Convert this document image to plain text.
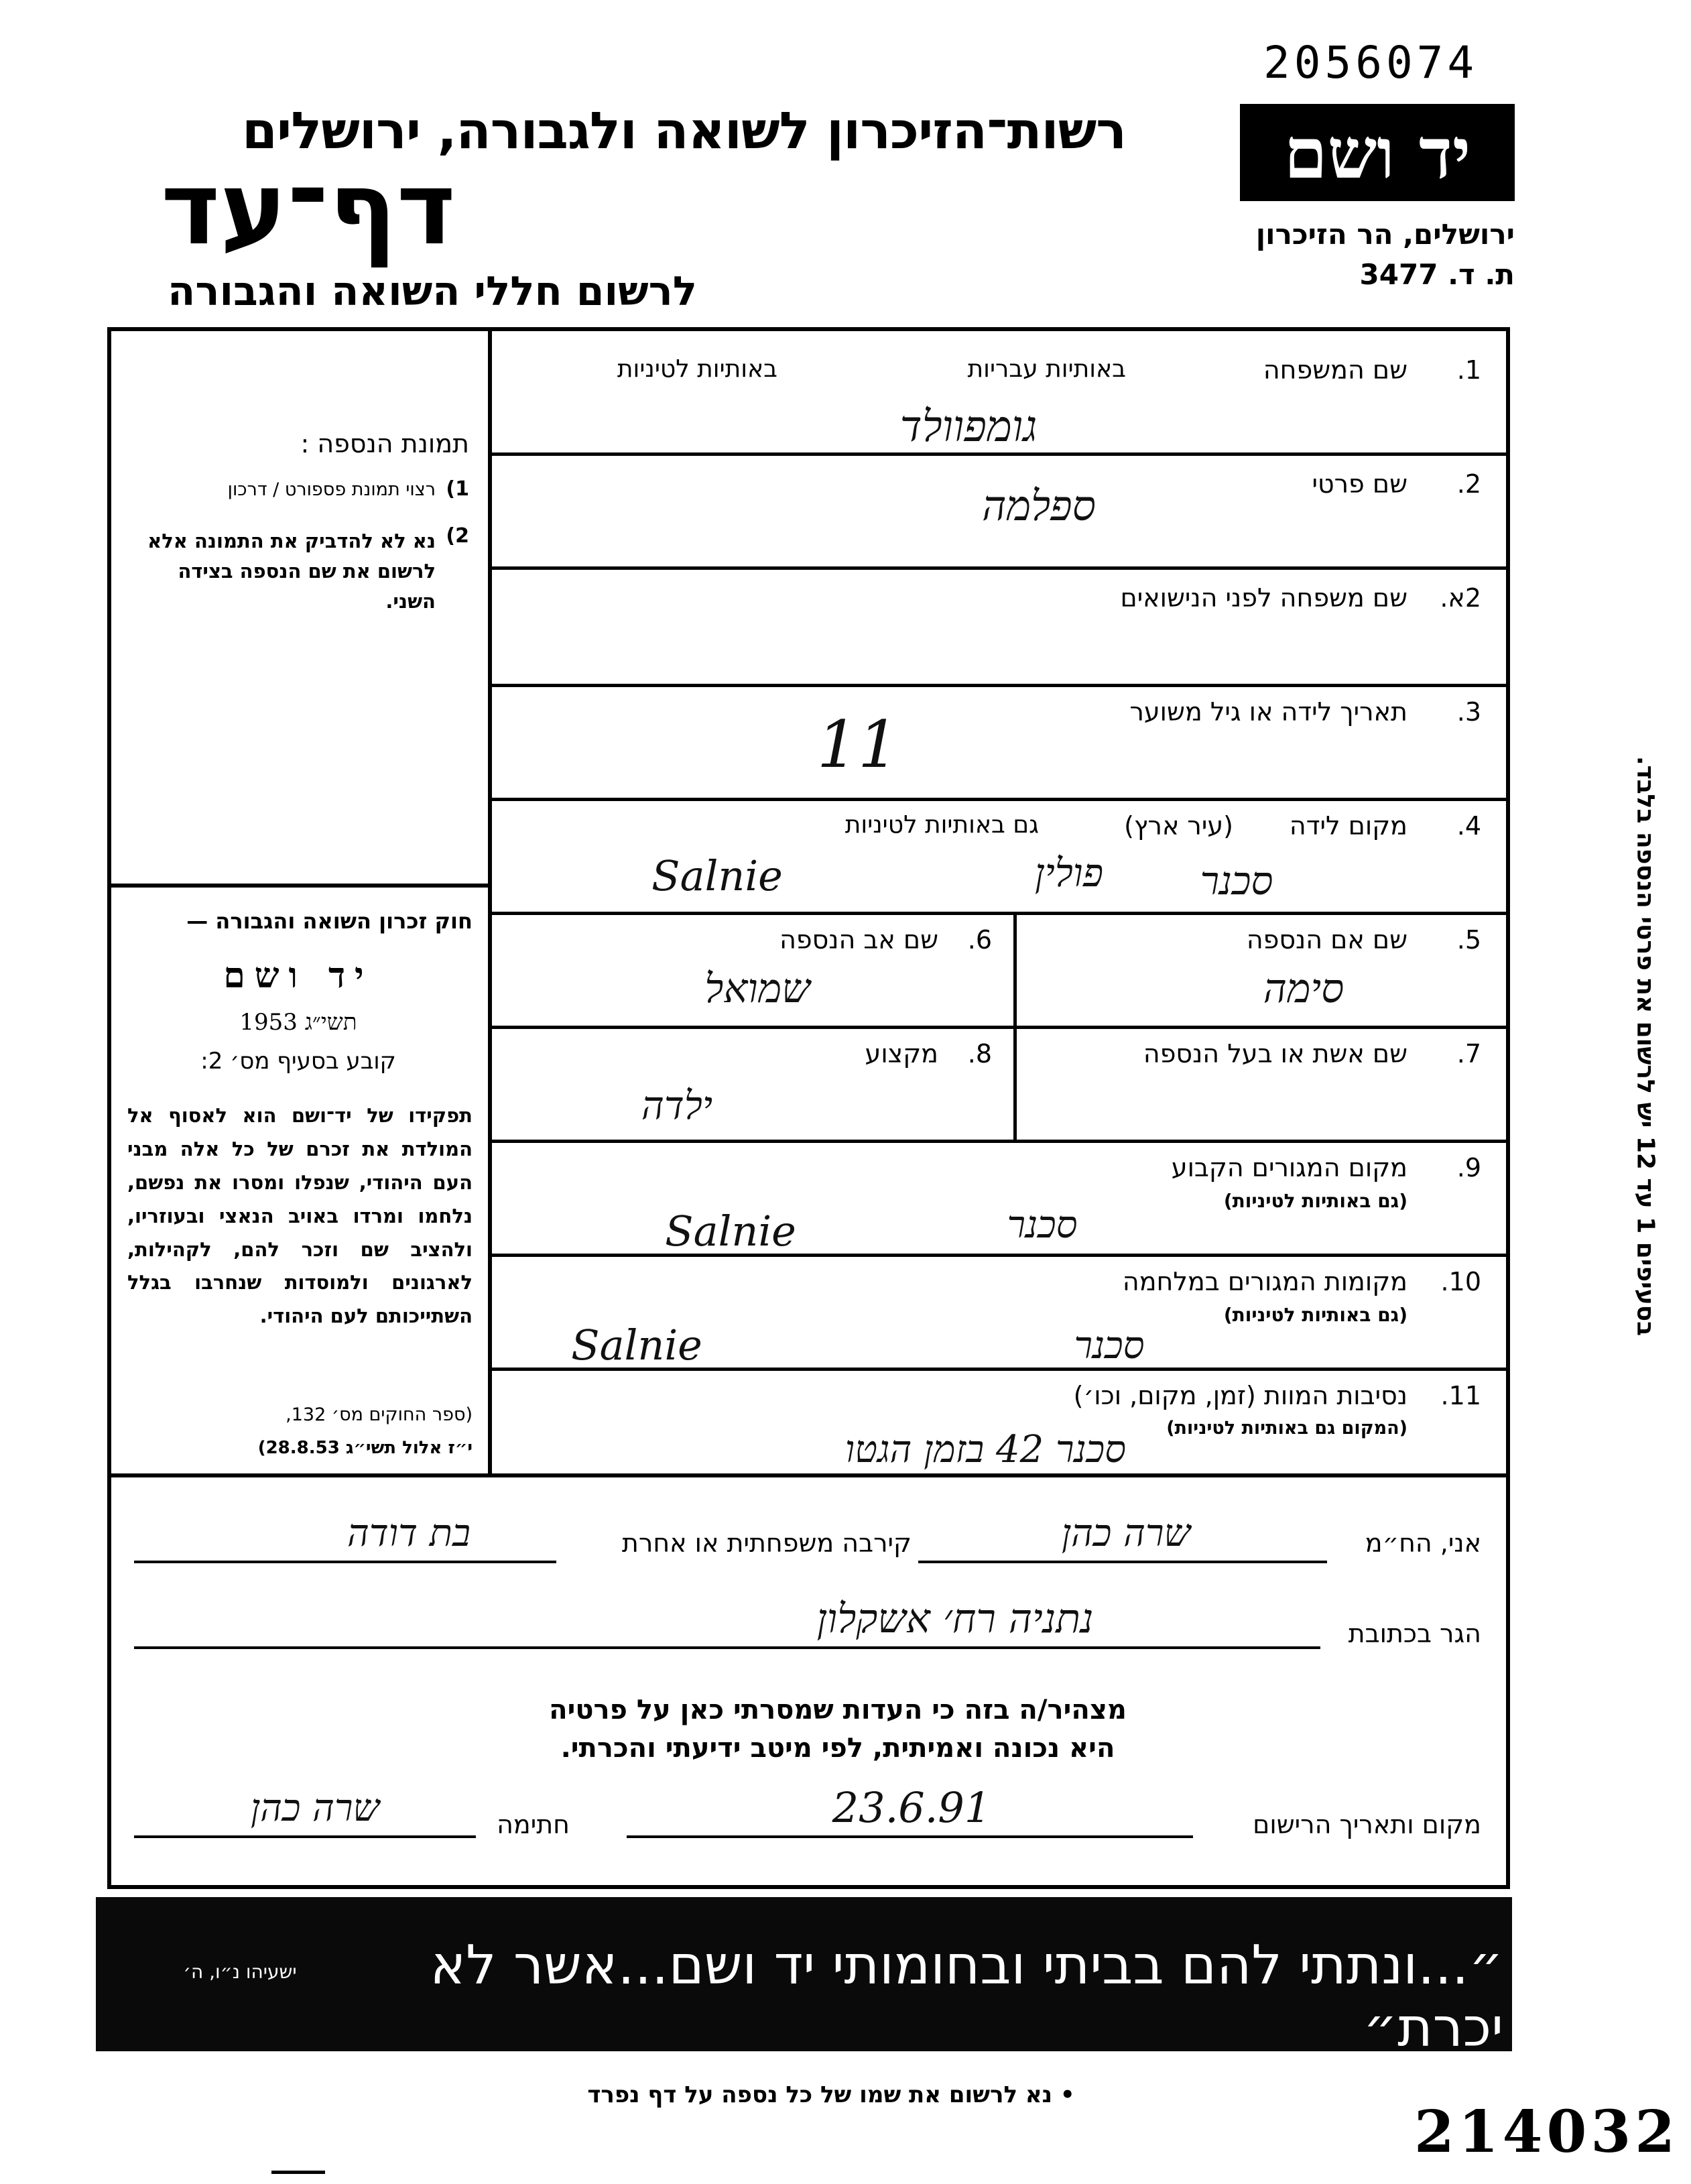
2056074
רשות־הזיכרון לשואה ולגבורה, ירושלים
דף־עד
לרשום חללי השואה והגבורה
יד ושם
ירושלים, הר הזיכרון
ת. ד. 3477
תמונת הנספה :
1)
רצוי תמונת פספורט / דרכון
2)
נא לא להדביק את התמונה אלא לרשום את שם הנספה בצידה השני.
חוק זכרון השואה והגבורה —
יד ושם
תשי״ג 1953
קובע בסעיף מס׳ 2:
תפקידו של יד־ושם הוא לאסוף אל המולדת את זכרם של כל אלה מבני העם היהודי, שנפלו ומסרו את נפשם, נלחמו ומרדו באויב הנאצי ובעוזריו, ולהציב שם וזכר להם, לקהילות, לארגונים ולמוסדות שנחרבו בגלל השתייכותם לעם היהודי.
(ספר החוקים מס׳ 132,
י״ז אלול תשי״ג 28.8.53)
1.
שם המשפחה
באותיות עבריות
באותיות לטיניות
גומפוולד
2.
שם פרטי
ספלמה
2א.
שם משפחה לפני הנישואים
3.
תאריך לידה או גיל משוער
11
4.
מקום לידה
(עיר ארץ)
גם באותיות לטיניות
סכנר
פולין
Salnie
5.
שם אם הנספה
סימה
6.
שם אב הנספה
שמואל
7.
שם אשת או בעל הנספה
8.
מקצוע
ילדה
9.
מקום המגורים הקבוע
(גם באותיות לטיניות)
סכנר
Salnie
10.
מקומות המגורים במלחמה
(גם באותיות לטיניות)
סכנר
Salnie
11.
נסיבות המוות (זמן, מקום, וכו׳)
(המקום גם באותיות לטיניות)
סכנר 42 בזמן הגטו
אני, הח״מ
שרה כהן
קירבה משפחתית או אחרת
בת דודה
הגר בכתובת
נתניה רח׳ אשקלון
מצהיר/ה בזה כי העדות שמסרתי כאן על פרטיה
היא נכונה ואמיתית, לפי מיטב ידיעתי והכרתי.
מקום ותאריך הרישום
23.6.91
חתימה
שרה כהן
בסעיפים 1 עד 12 יש לרשום את פרטי הנספה בלבד.
״...ונתתי להם בביתי ובחומותי יד ושם...אשר לא יכרת״
ישעיהו נ״ו, ה׳
• נא לרשום את שמו של כל נספה על דף נפרד
214032
